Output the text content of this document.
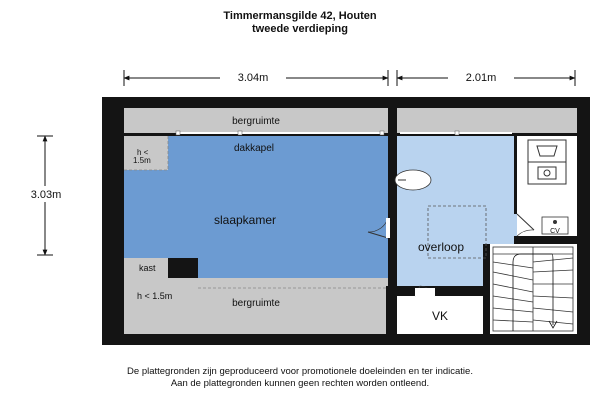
Timmermansgilde 42, Houten
tweede verdieping
3.04m	2.01m
3.03m
bergruimte
dakkapel
h <
1.5m
slaapkamer
kast
h < 1.5m
bergruimte
overloop
VK
CV
De plattegronden zijn geproduceerd voor promotionele doeleinden en ter indicatie.
Aan de plattegronden kunnen geen rechten worden ontleend.
